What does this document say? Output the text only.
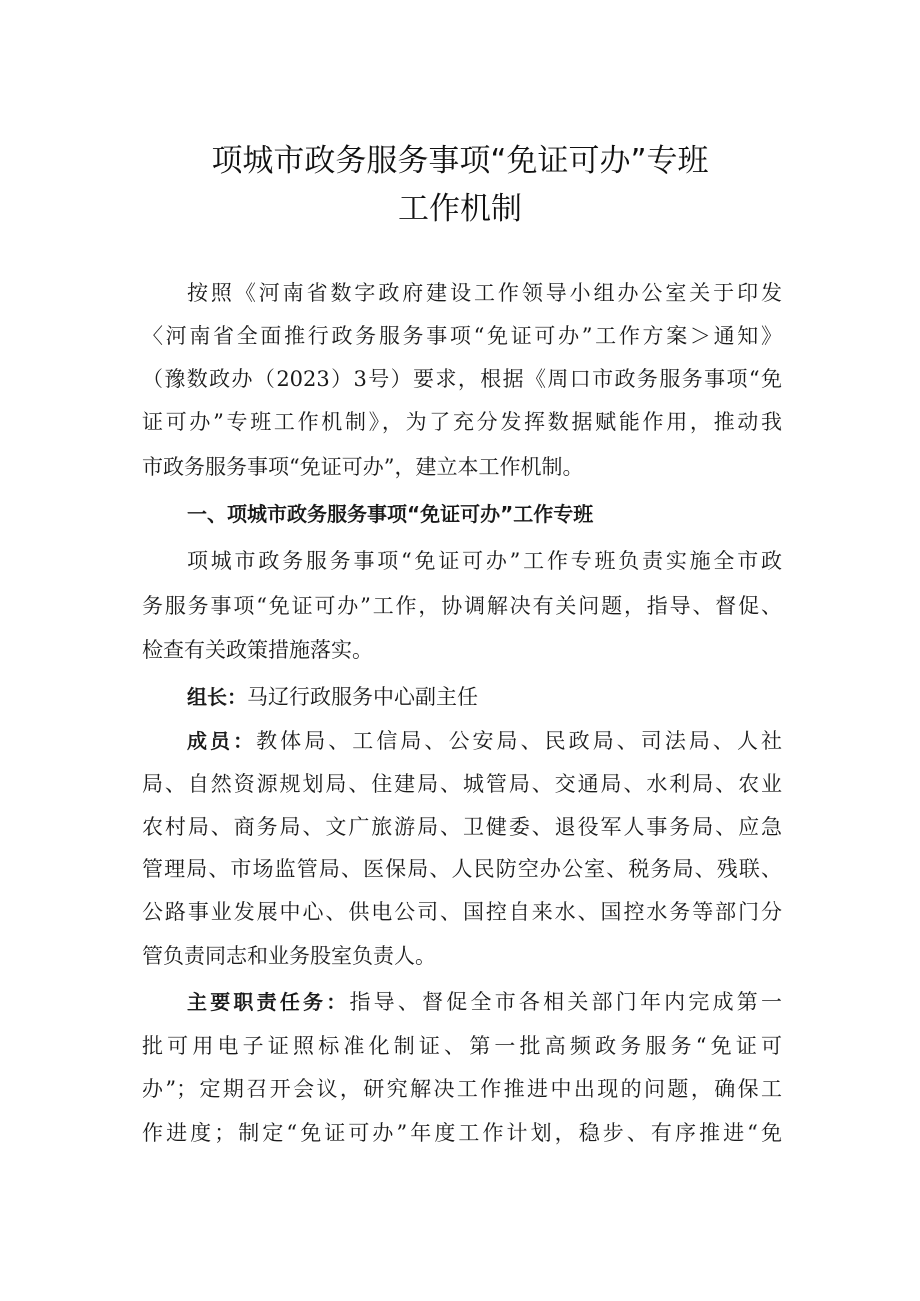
项城市政务服务事项“免证可办”专班
工作机制
按照《河南省数字政府建设工作领导小组办公室关于印发
〈河南省全面推行政务服务事项“免证可办”工作方案＞通知》
（豫数政办（2023）3号）要求，根据《周口市政务服务事项“免
证可办”专班工作机制》，为了充分发挥数据赋能作用，推动我
市政务服务事项“免证可办”，建立本工作机制。
一、项城市政务服务事项“免证可办”工作专班
项城市政务服务事项“免证可办”工作专班负责实施全市政
务服务事项“免证可办”工作，协调解决有关问题，指导、督促、
检查有关政策措施落实。
组长：马辽行政服务中心副主任
成员：教体局、工信局、公安局、民政局、司法局、人社
局、自然资源规划局、住建局、城管局、交通局、水利局、农业
农村局、商务局、文广旅游局、卫健委、退役军人事务局、应急
管理局、市场监管局、医保局、人民防空办公室、税务局、残联、
公路事业发展中心、供电公司、国控自来水、国控水务等部门分
管负责同志和业务股室负责人。
主要职责任务：指导、督促全市各相关部门年内完成第一
批可用电子证照标准化制证、第一批高频政务服务“免证可
办”；定期召开会议，研究解决工作推进中出现的问题，确保工
作进度；制定“免证可办”年度工作计划，稳步、有序推进“免
